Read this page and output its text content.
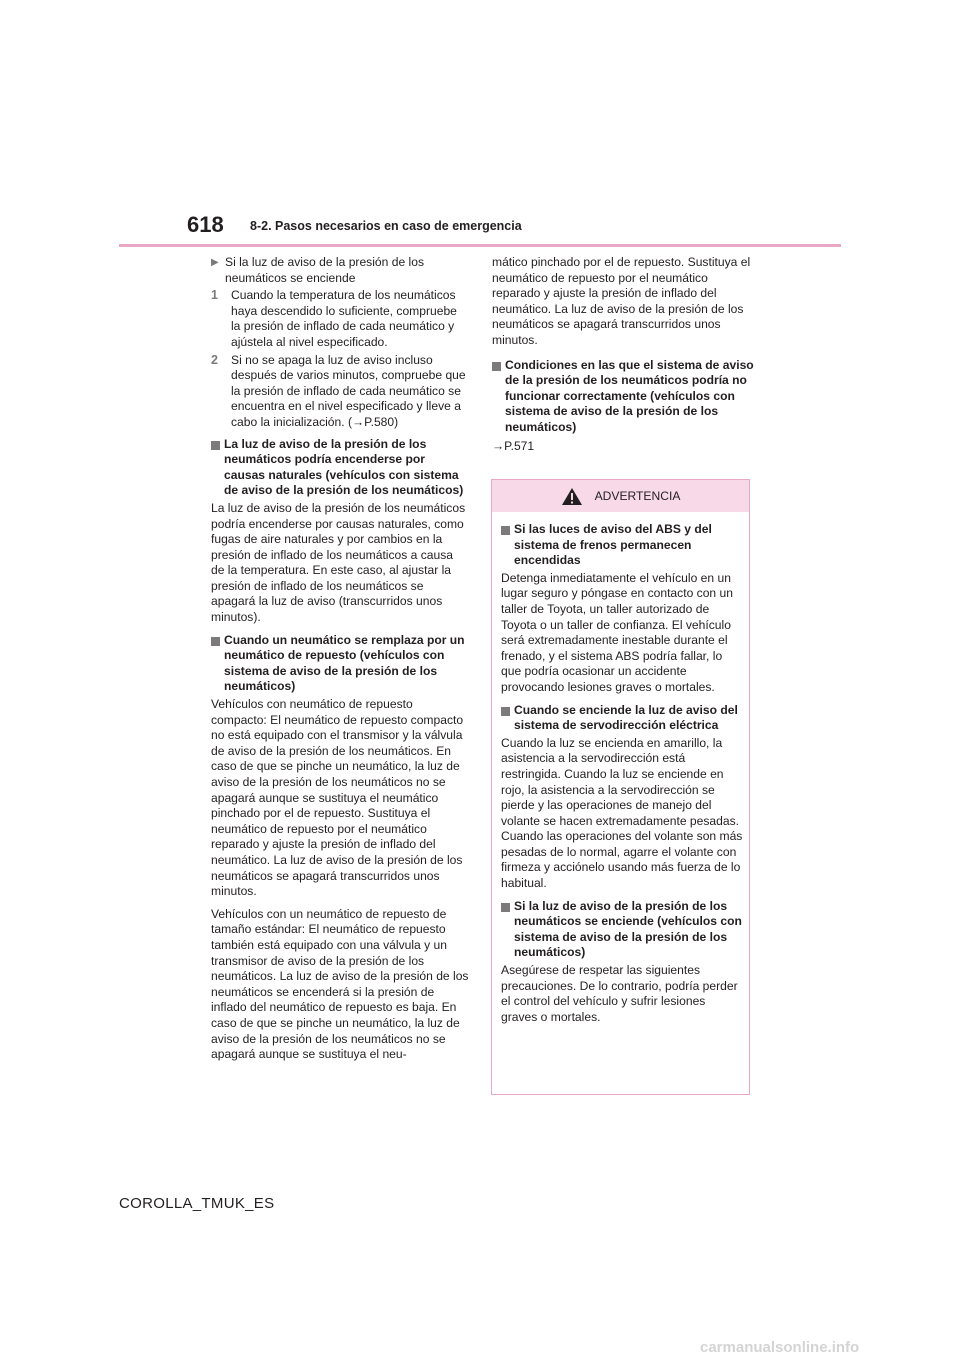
618 8-2. Pasos necesarios en caso de emergencia
▶ Si la luz de aviso de la presión de los neumáticos se enciende

1	Cuando la temperatura de los neumáticos haya descendido lo suficiente, compruebe la presión de inflado de cada neumático y ajústela al nivel especificado.

2	Si no se apaga la luz de aviso incluso después de varios minutos, compruebe que la presión de inflado de cada neumático se encuentra en el nivel especificado y lleve a cabo la inicialización. (→P.580)

La luz de aviso de la presión de los neumáticos podría encenderse por causas naturales (vehículos con sistema de aviso de la presión de los neumáticos)

La luz de aviso de la presión de los neumáticos podría encenderse por causas naturales, como fugas de aire naturales y por cambios en la presión de inflado de los neumáticos a causa de la temperatura. En este caso, al ajustar la presión de inflado de los neumáticos se apagará la luz de aviso (transcurridos unos minutos).

Cuando un neumático se remplaza por un neumático de repuesto (vehículos con sistema de aviso de la presión de los neumáticos)

Vehículos con neumático de repuesto compacto: El neumático de repuesto compacto no está equipado con el transmisor y la válvula de aviso de la presión de los neumáticos. En caso de que se pinche un neumático, la luz de aviso de la presión de los neumáticos no se apagará aunque se sustituya el neumático pinchado por el de repuesto. Sustituya el neumático de repuesto por el neumático reparado y ajuste la presión de inflado del neumático. La luz de aviso de la presión de los neumáticos se apagará transcurridos unos minutos.

Vehículos con un neumático de repuesto de tamaño estándar: El neumático de repuesto también está equipado con una válvula y un transmisor de aviso de la presión de los neumáticos. La luz de aviso de la presión de los neumáticos se encenderá si la presión de inflado del neumático de repuesto es baja. En caso de que se pinche un neumático, la luz de aviso de la presión de los neumáticos no se apagará aunque se sustituya el neu-

mático pinchado por el de repuesto. Sustituya el neumático de repuesto por el neumático reparado y ajuste la presión de inflado del neumático. La luz de aviso de la presión de los neumáticos se apagará transcurridos unos minutos.

Condiciones en las que el sistema de aviso de la presión de los neumáticos podría no funcionar correctamente (vehículos con sistema de aviso de la presión de los neumáticos)

→P.571

ADVERTENCIA

Si las luces de aviso del ABS y del sistema de frenos permanecen encendidas

Detenga inmediatamente el vehículo en un lugar seguro y póngase en contacto con un taller de Toyota, un taller autorizado de Toyota o un taller de confianza. El vehículo será extremadamente inestable durante el frenado, y el sistema ABS podría fallar, lo que podría ocasionar un accidente provocando lesiones graves o mortales.

Cuando se enciende la luz de aviso del sistema de servodirección eléctrica

Cuando la luz se encienda en amarillo, la asistencia a la servodirección está restringida. Cuando la luz se enciende en rojo, la asistencia a la servodirección se pierde y las operaciones de manejo del volante se hacen extremadamente pesadas. Cuando las operaciones del volante son más pesadas de lo normal, agarre el volante con firmeza y acciónelo usando más fuerza de lo habitual.

Si la luz de aviso de la presión de los neumáticos se enciende (vehículos con sistema de aviso de la presión de los neumáticos)

Asegúrese de respetar las siguientes precauciones. De lo contrario, podría perder el control del vehículo y sufrir lesiones graves o mortales.

COROLLA_TMUK_ES
carmanualsonline.info
